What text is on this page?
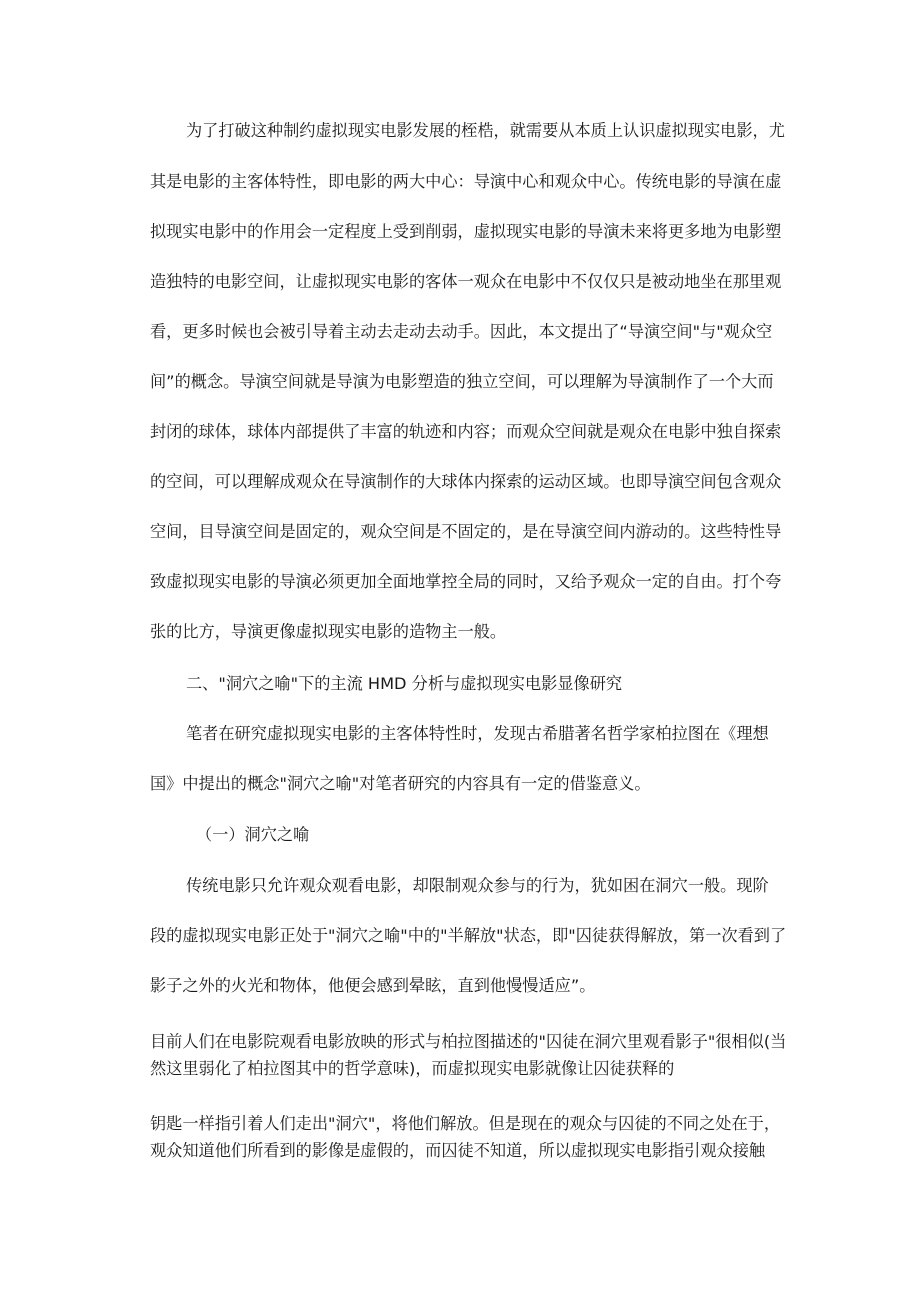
为了打破这种制约虚拟现实电影发展的桎梏，就需要从本质上认识虚拟现实电影，尤

其是电影的主客体特性，即电影的两大中心：导演中心和观众中心。传统电影的导演在虚

拟现实电影中的作用会一定程度上受到削弱，虚拟现实电影的导演未来将更多地为电影塑

造独特的电影空间，让虚拟现实电影的客体一观众在电影中不仅仅只是被动地坐在那里观

看，更多时候也会被引导着主动去走动去动手。因此，本文提出了“导演空间"与"观众空

间”的概念。导演空间就是导演为电影塑造的独立空间，可以理解为导演制作了一个大而

封闭的球体，球体内部提供了丰富的轨迹和内容；而观众空间就是观众在电影中独自探索

的空间，可以理解成观众在导演制作的大球体内探索的运动区域。也即导演空间包含观众

空间，目导演空间是固定的，观众空间是不固定的，是在导演空间内游动的。这些特性导

致虚拟现实电影的导演必须更加全面地掌控全局的同时，又给予观众一定的自由。打个夸

张的比方，导演更像虚拟现实电影的造物主一般。

二、"洞穴之喻"下的主流 HMD 分析与虚拟现实电影显像研究

笔者在研究虚拟现实电影的主客体特性时，发现古希腊著名哲学家柏拉图在《理想

国》中提出的概念"洞穴之喻"对笔者研究的内容具有一定的借鉴意义。

（一）洞穴之喻

传统电影只允许观众观看电影，却限制观众参与的行为，犹如困在洞穴一般。现阶

段的虚拟现实电影正处于"洞穴之喻"中的"半解放"状态，即"囚徒获得解放，第一次看到了

影子之外的火光和物体，他便会感到晕眩，直到他慢慢适应”。

目前人们在电影院观看电影放映的形式与柏拉图描述的"囚徒在洞穴里观看影子"很相似(当

然这里弱化了柏拉图其中的哲学意味)，而虚拟现实电影就像让囚徒获释的

钥匙一样指引着人们走出"洞穴"，将他们解放。但是现在的观众与囚徒的不同之处在于，

观众知道他们所看到的影像是虚假的，而囚徒不知道，所以虚拟现实电影指引观众接触
